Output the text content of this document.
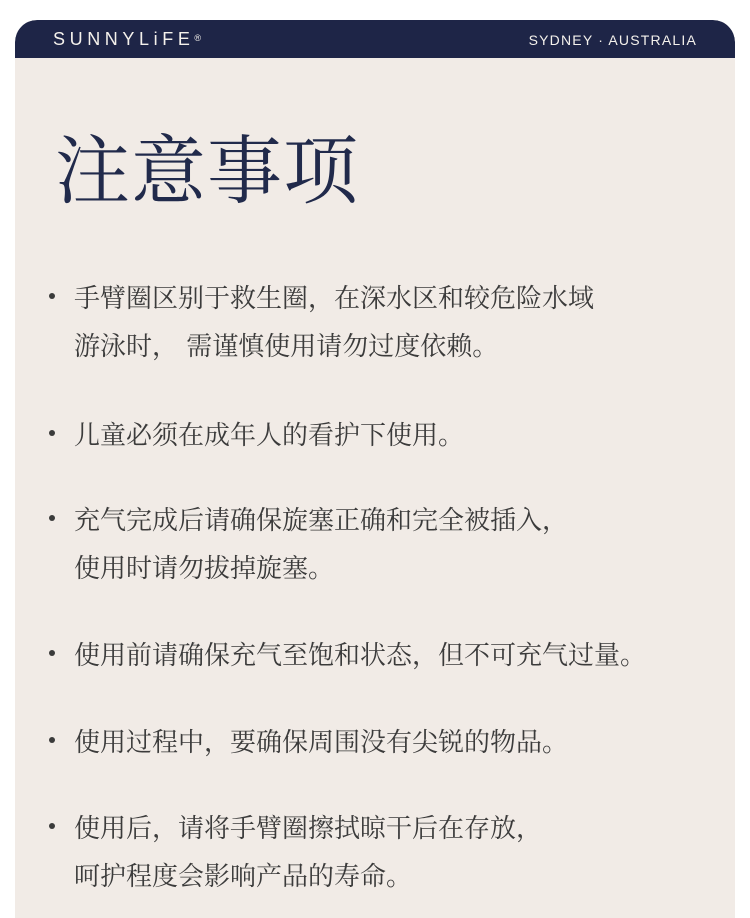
SUNNYLiFE®	SYDNEY · AUSTRALIA
注意事项
手臂圈区别于救生圈，在深水区和较危险水域
游泳时， 需谨慎使用请勿过度依赖。
儿童必须在成年人的看护下使用。
充气完成后请确保旋塞正确和完全被插入，
使用时请勿拔掉旋塞。
使用前请确保充气至饱和状态，但不可充气过量。
使用过程中，要确保周围没有尖锐的物品。
使用后，请将手臂圈擦拭晾干后在存放，
呵护程度会影响产品的寿命。
